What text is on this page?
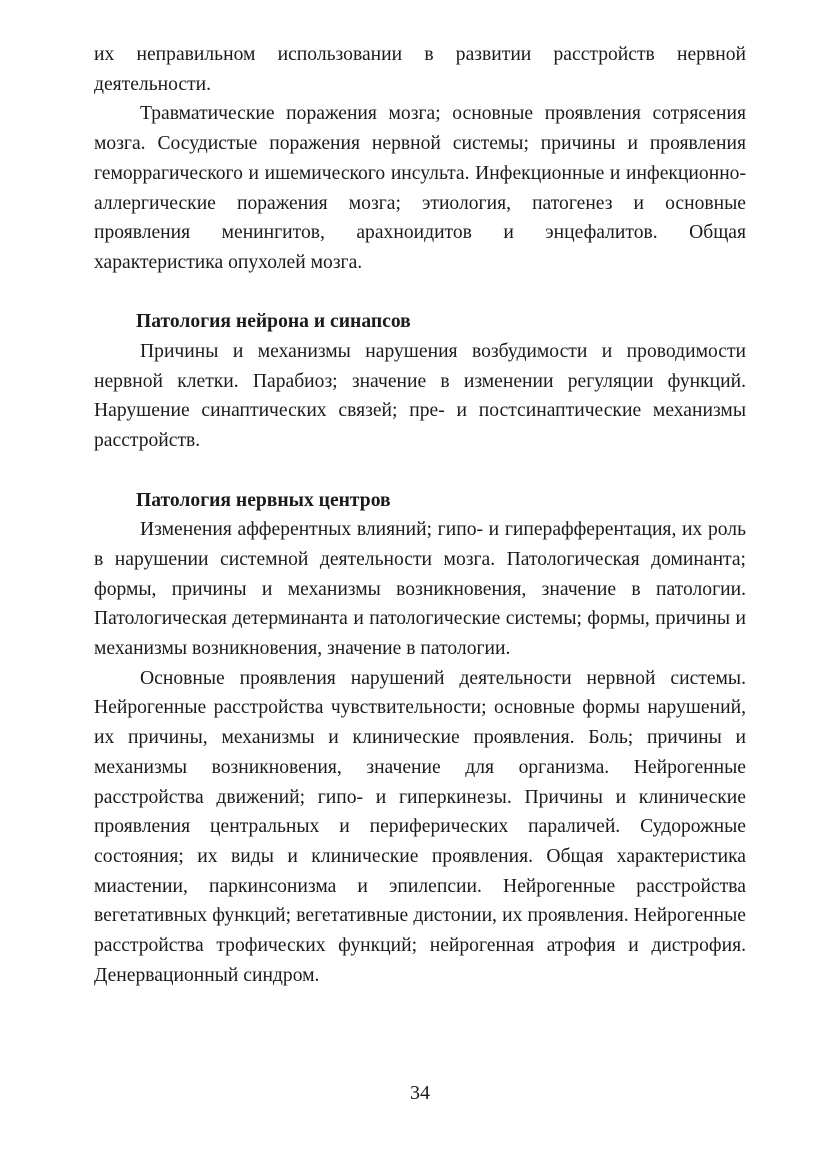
их неправильном использовании в развитии расстройств нервной деятельности.

Травматические поражения мозга; основные проявления сотрясения мозга. Сосудистые поражения нервной системы; причины и проявления геморрагического и ишемического инсульта. Инфекционные и инфекционно-аллергические поражения мозга; этиология, патогенез и основные проявления менингитов, арахноидитов и энцефалитов. Общая характеристика опухолей мозга.

Патология нейрона и синапсов

Причины и механизмы нарушения возбудимости и проводимости нервной клетки. Парабиоз; значение в изменении регуляции функций. Нарушение синаптических связей; пре- и постсинаптические механизмы расстройств.

Патология нервных центров

Изменения афферентных влияний; гипо- и гиперафферентация, их роль в нарушении системной деятельности мозга. Патологическая доминанта; формы, причины и механизмы возникновения, значение в патологии. Патологическая детерминанта и патологические системы; формы, причины и механизмы возникновения, значение в патологии.

Основные проявления нарушений деятельности нервной системы. Нейрогенные расстройства чувствительности; основные формы нарушений, их причины, механизмы и клинические проявления. Боль; причины и механизмы возникновения, значение для организма. Нейрогенные расстройства движений; гипо- и гиперкинезы. Причины и клинические проявления центральных и периферических параличей. Судорожные состояния; их виды и клинические проявления. Общая характеристика миастении, паркинсонизма и эпилепсии. Нейрогенные расстройства вегетативных функций; вегетативные дистонии, их проявления. Нейрогенные расстройства трофических функций; нейрогенная атрофия и дистрофия. Денервационный синдром.

34
